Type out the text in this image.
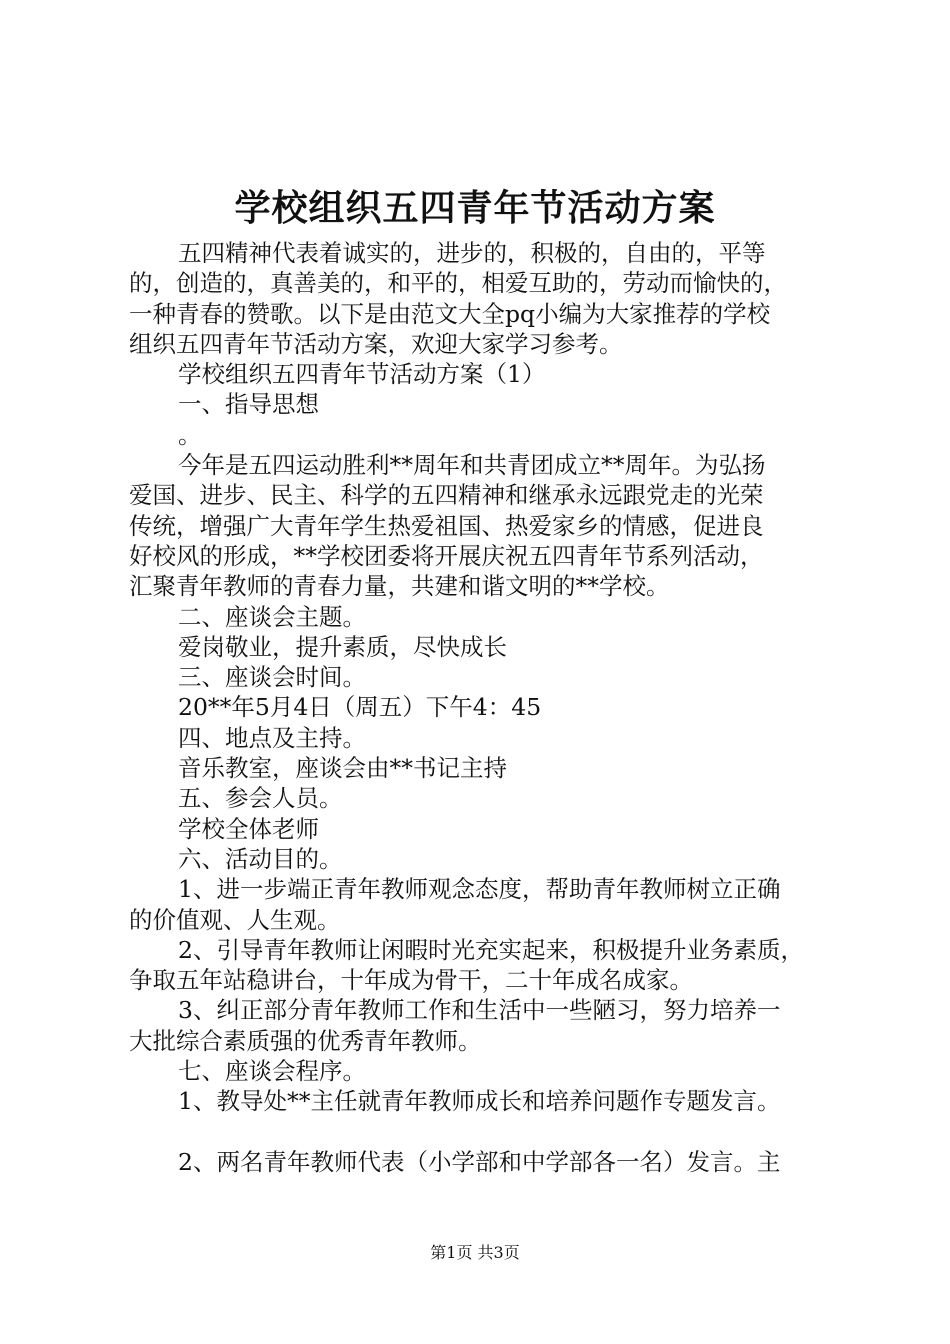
学校组织五四青年节活动方案

五四精神代表着诚实的，进步的，积极的，自由的，平等

的，创造的，真善美的，和平的，相爱互助的，劳动而愉快的，

一种青春的赞歌。以下是由范文大全pq小编为大家推荐的学校

组织五四青年节活动方案，欢迎大家学习参考。

学校组织五四青年节活动方案（1）

一、指导思想

。

今年是五四运动胜利**周年和共青团成立**周年。为弘扬

爱国、进步、民主、科学的五四精神和继承永远跟党走的光荣

传统，增强广大青年学生热爱祖国、热爱家乡的情感，促进良

好校风的形成，**学校团委将开展庆祝五四青年节系列活动，

汇聚青年教师的青春力量，共建和谐文明的**学校。

二、座谈会主题。

爱岗敬业，提升素质，尽快成长

三、座谈会时间。

20**年5月4日（周五）下午4：45

四、地点及主持。

音乐教室，座谈会由**书记主持

五、参会人员。

学校全体老师

六、活动目的。

1、进一步端正青年教师观念态度，帮助青年教师树立正确

的价值观、人生观。

2、引导青年教师让闲暇时光充实起来，积极提升业务素质，

争取五年站稳讲台，十年成为骨干，二十年成名成家。

3、纠正部分青年教师工作和生活中一些陋习，努力培养一

大批综合素质强的优秀青年教师。

七、座谈会程序。

1、教导处**主任就青年教师成长和培养问题作专题发言。

2、两名青年教师代表（小学部和中学部各一名）发言。主

第1页 共3页
